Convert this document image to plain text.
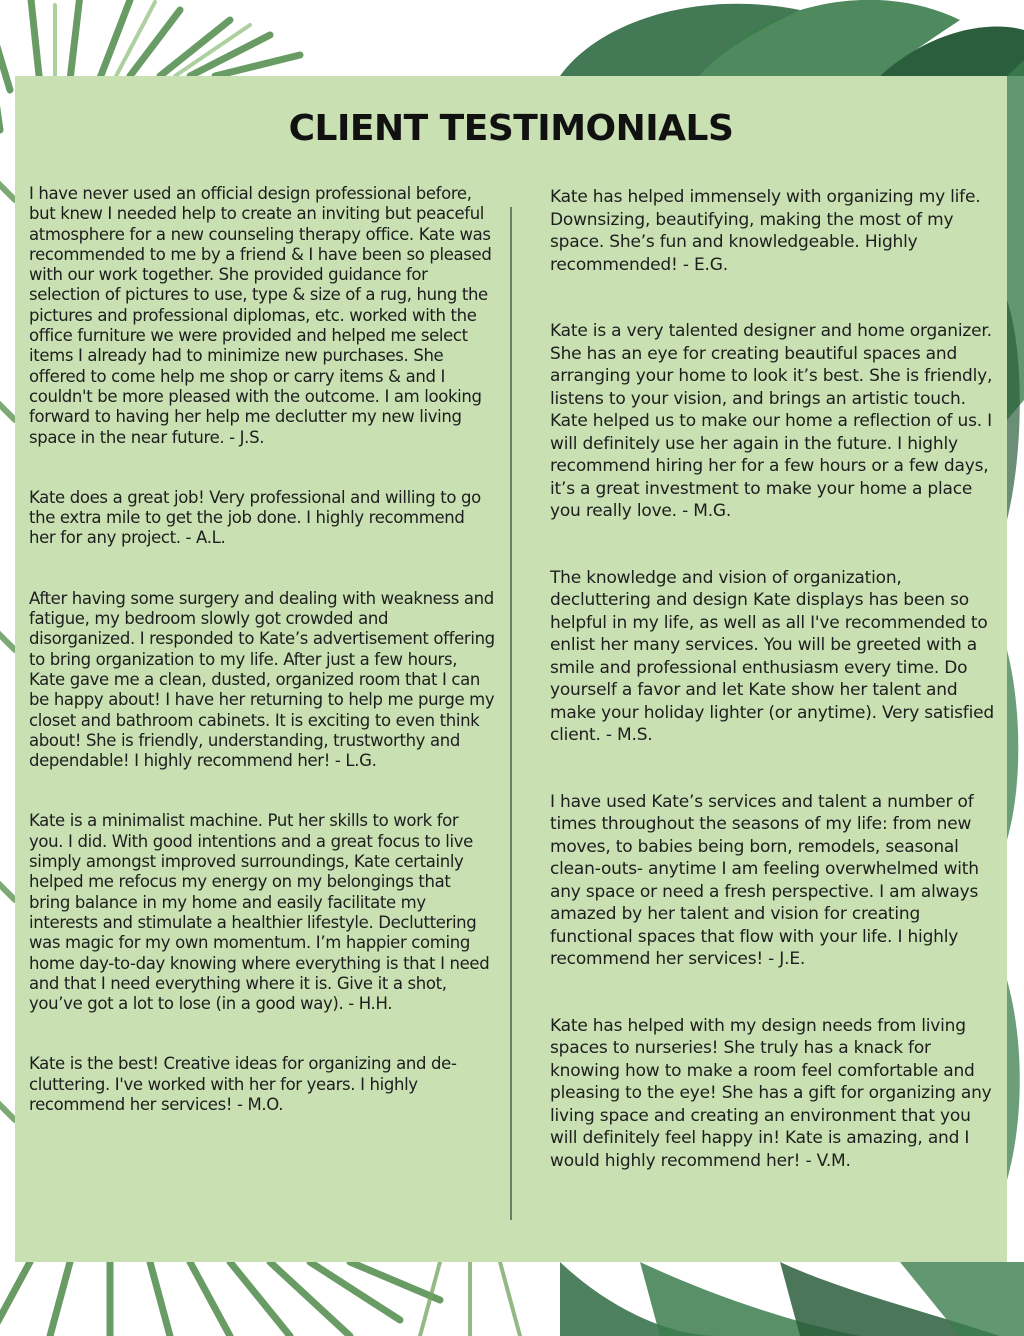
CLIENT TESTIMONIALS

I have never used an official design professional before, but knew I needed help to create an inviting but peaceful atmosphere for a new counseling therapy office. Kate was recommended to me by a friend & I have been so pleased with our work together. She provided guidance for selection of pictures to use, type & size of a rug, hung the pictures and professional diplomas, etc. worked with the office furniture we were provided and helped me select items I already had to minimize new purchases. She offered to come help me shop or carry items & and I couldn't be more pleased with the outcome. I am looking forward to having her help me declutter my new living space in the near future. - J.S.

Kate does a great job! Very professional and willing to go the extra mile to get the job done. I highly recommend her for any project. - A.L.

After having some surgery and dealing with weakness and fatigue, my bedroom slowly got crowded and disorganized. I responded to Kate’s advertisement offering to bring organization to my life. After just a few hours, Kate gave me a clean, dusted, organized room that I can be happy about! I have her returning to help me purge my closet and bathroom cabinets. It is exciting to even think about! She is friendly, understanding, trustworthy and dependable! I highly recommend her! - L.G.

Kate is a minimalist machine. Put her skills to work for you. I did. With good intentions and a great focus to live simply amongst improved surroundings, Kate certainly helped me refocus my energy on my belongings that bring balance in my home and easily facilitate my interests and stimulate a healthier lifestyle. Decluttering was magic for my own momentum. I’m happier coming home day-to-day knowing where everything is that I need and that I need everything where it is. Give it a shot, you’ve got a lot to lose (in a good way). - H.H.

Kate is the best! Creative ideas for organizing and de-cluttering. I've worked with her for years. I highly recommend her services! - M.O.

Kate has helped immensely with organizing my life. Downsizing, beautifying, making the most of my space. She’s fun and knowledgeable. Highly recommended! - E.G.

Kate is a very talented designer and home organizer. She has an eye for creating beautiful spaces and arranging your home to look it’s best. She is friendly, listens to your vision, and brings an artistic touch. Kate helped us to make our home a reflection of us. I will definitely use her again in the future. I highly recommend hiring her for a few hours or a few days, it’s a great investment to make your home a place you really love. - M.G.

The knowledge and vision of organization, decluttering and design Kate displays has been so helpful in my life, as well as all I've recommended to enlist her many services. You will be greeted with a smile and professional enthusiasm every time. Do yourself a favor and let Kate show her talent and make your holiday lighter (or anytime). Very satisfied client. - M.S.

I have used Kate’s services and talent a number of times throughout the seasons of my life: from new moves, to babies being born, remodels, seasonal clean-outs- anytime I am feeling overwhelmed with any space or need a fresh perspective. I am always amazed by her talent and vision for creating functional spaces that flow with your life. I highly recommend her services! - J.E.

Kate has helped with my design needs from living spaces to nurseries! She truly has a knack for knowing how to make a room feel comfortable and pleasing to the eye! She has a gift for organizing any living space and creating an environment that you will definitely feel happy in! Kate is amazing, and I would highly recommend her! - V.M.
